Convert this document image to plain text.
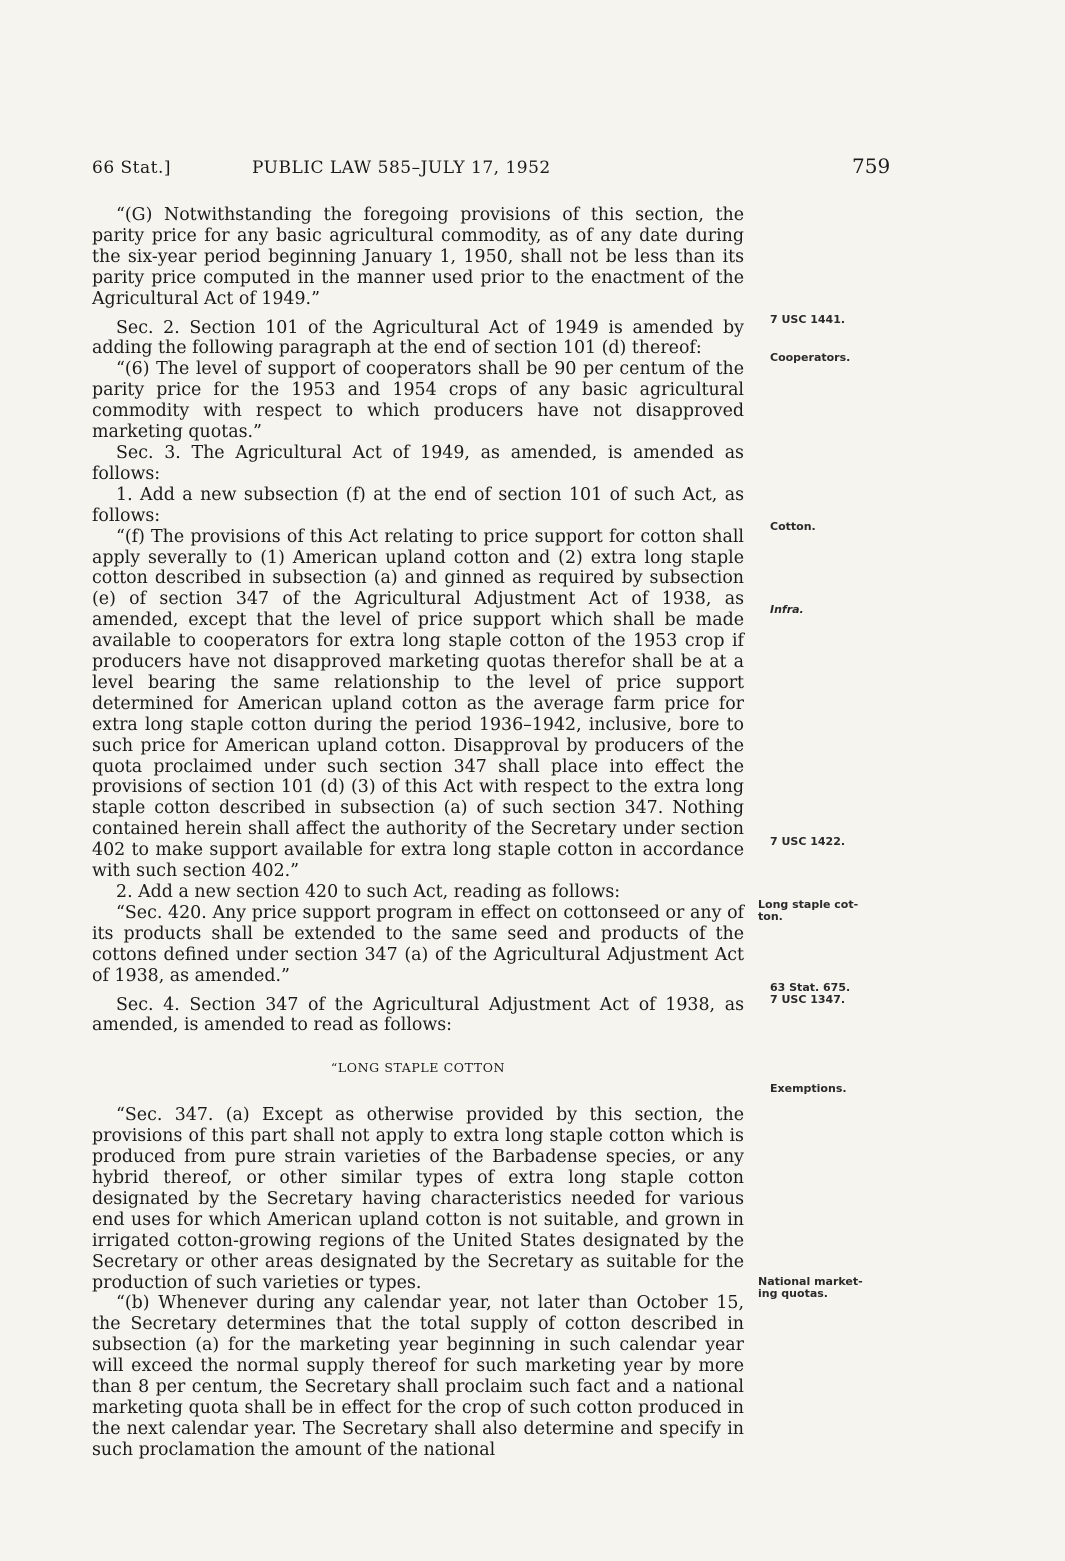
66 Stat.]	PUBLIC LAW 585–JULY 17, 1952	759

“(G) Notwithstanding the foregoing provisions of this section, the parity price for any basic agricultural commodity, as of any date during the six-year period beginning January 1, 1950, shall not be less than its parity price computed in the manner used prior to the enactment of the Agricultural Act of 1949.”

Sec. 2. Section 101 of the Agricultural Act of 1949 is amended by adding the following paragraph at the end of section 101 (d) thereof:

“(6) The level of support of cooperators shall be 90 per centum of the parity price for the 1953 and 1954 crops of any basic agricultural commodity with respect to which producers have not disapproved marketing quotas.”

Sec. 3. The Agricultural Act of 1949, as amended, is amended as follows:

1. Add a new subsection (f) at the end of section 101 of such Act, as follows:

“(f) The provisions of this Act relating to price support for cotton shall apply severally to (1) American upland cotton and (2) extra long staple cotton described in subsection (a) and ginned as required by subsection (e) of section 347 of the Agricultural Adjustment Act of 1938, as amended, except that the level of price support which shall be made available to cooperators for extra long staple cotton of the 1953 crop if producers have not disapproved marketing quotas therefor shall be at a level bearing the same relationship to the level of price support determined for American upland cotton as the average farm price for extra long staple cotton during the period 1936–1942, inclusive, bore to such price for American upland cotton. Disapproval by producers of the quota proclaimed under such section 347 shall place into effect the provisions of section 101 (d) (3) of this Act with respect to the extra long staple cotton described in subsection (a) of such section 347. Nothing contained herein shall affect the authority of the Secretary under section 402 to make support available for extra long staple cotton in accordance with such section 402.”

2. Add a new section 420 to such Act, reading as follows:

“Sec. 420. Any price support program in effect on cottonseed or any of its products shall be extended to the same seed and products of the cottons defined under section 347 (a) of the Agricultural Adjustment Act of 1938, as amended.”

Sec. 4. Section 347 of the Agricultural Adjustment Act of 1938, as amended, is amended to read as follows:

“LONG STAPLE COTTON

“Sec. 347. (a) Except as otherwise provided by this section, the provisions of this part shall not apply to extra long staple cotton which is produced from pure strain varieties of the Barbadense species, or any hybrid thereof, or other similar types of extra long staple cotton designated by the Secretary having characteristics needed for various end uses for which American upland cotton is not suitable, and grown in irrigated cotton-growing regions of the United States designated by the Secretary or other areas designated by the Secretary as suitable for the production of such varieties or types.

“(b) Whenever during any calendar year, not later than October 15, the Secretary determines that the total supply of cotton described in subsection (a) for the marketing year beginning in such calendar year will exceed the normal supply thereof for such marketing year by more than 8 per centum, the Secretary shall proclaim such fact and a national marketing quota shall be in effect for the crop of such cotton produced in the next calendar year. The Secretary shall also determine and specify in such proclamation the amount of the national

7 USC 1441.
Cooperators.
Cotton.
Infra.
7 USC 1422.
Long staple cot-
ton.
63 Stat. 675.
7 USC 1347.
Exemptions.
National market-
ing quotas.
